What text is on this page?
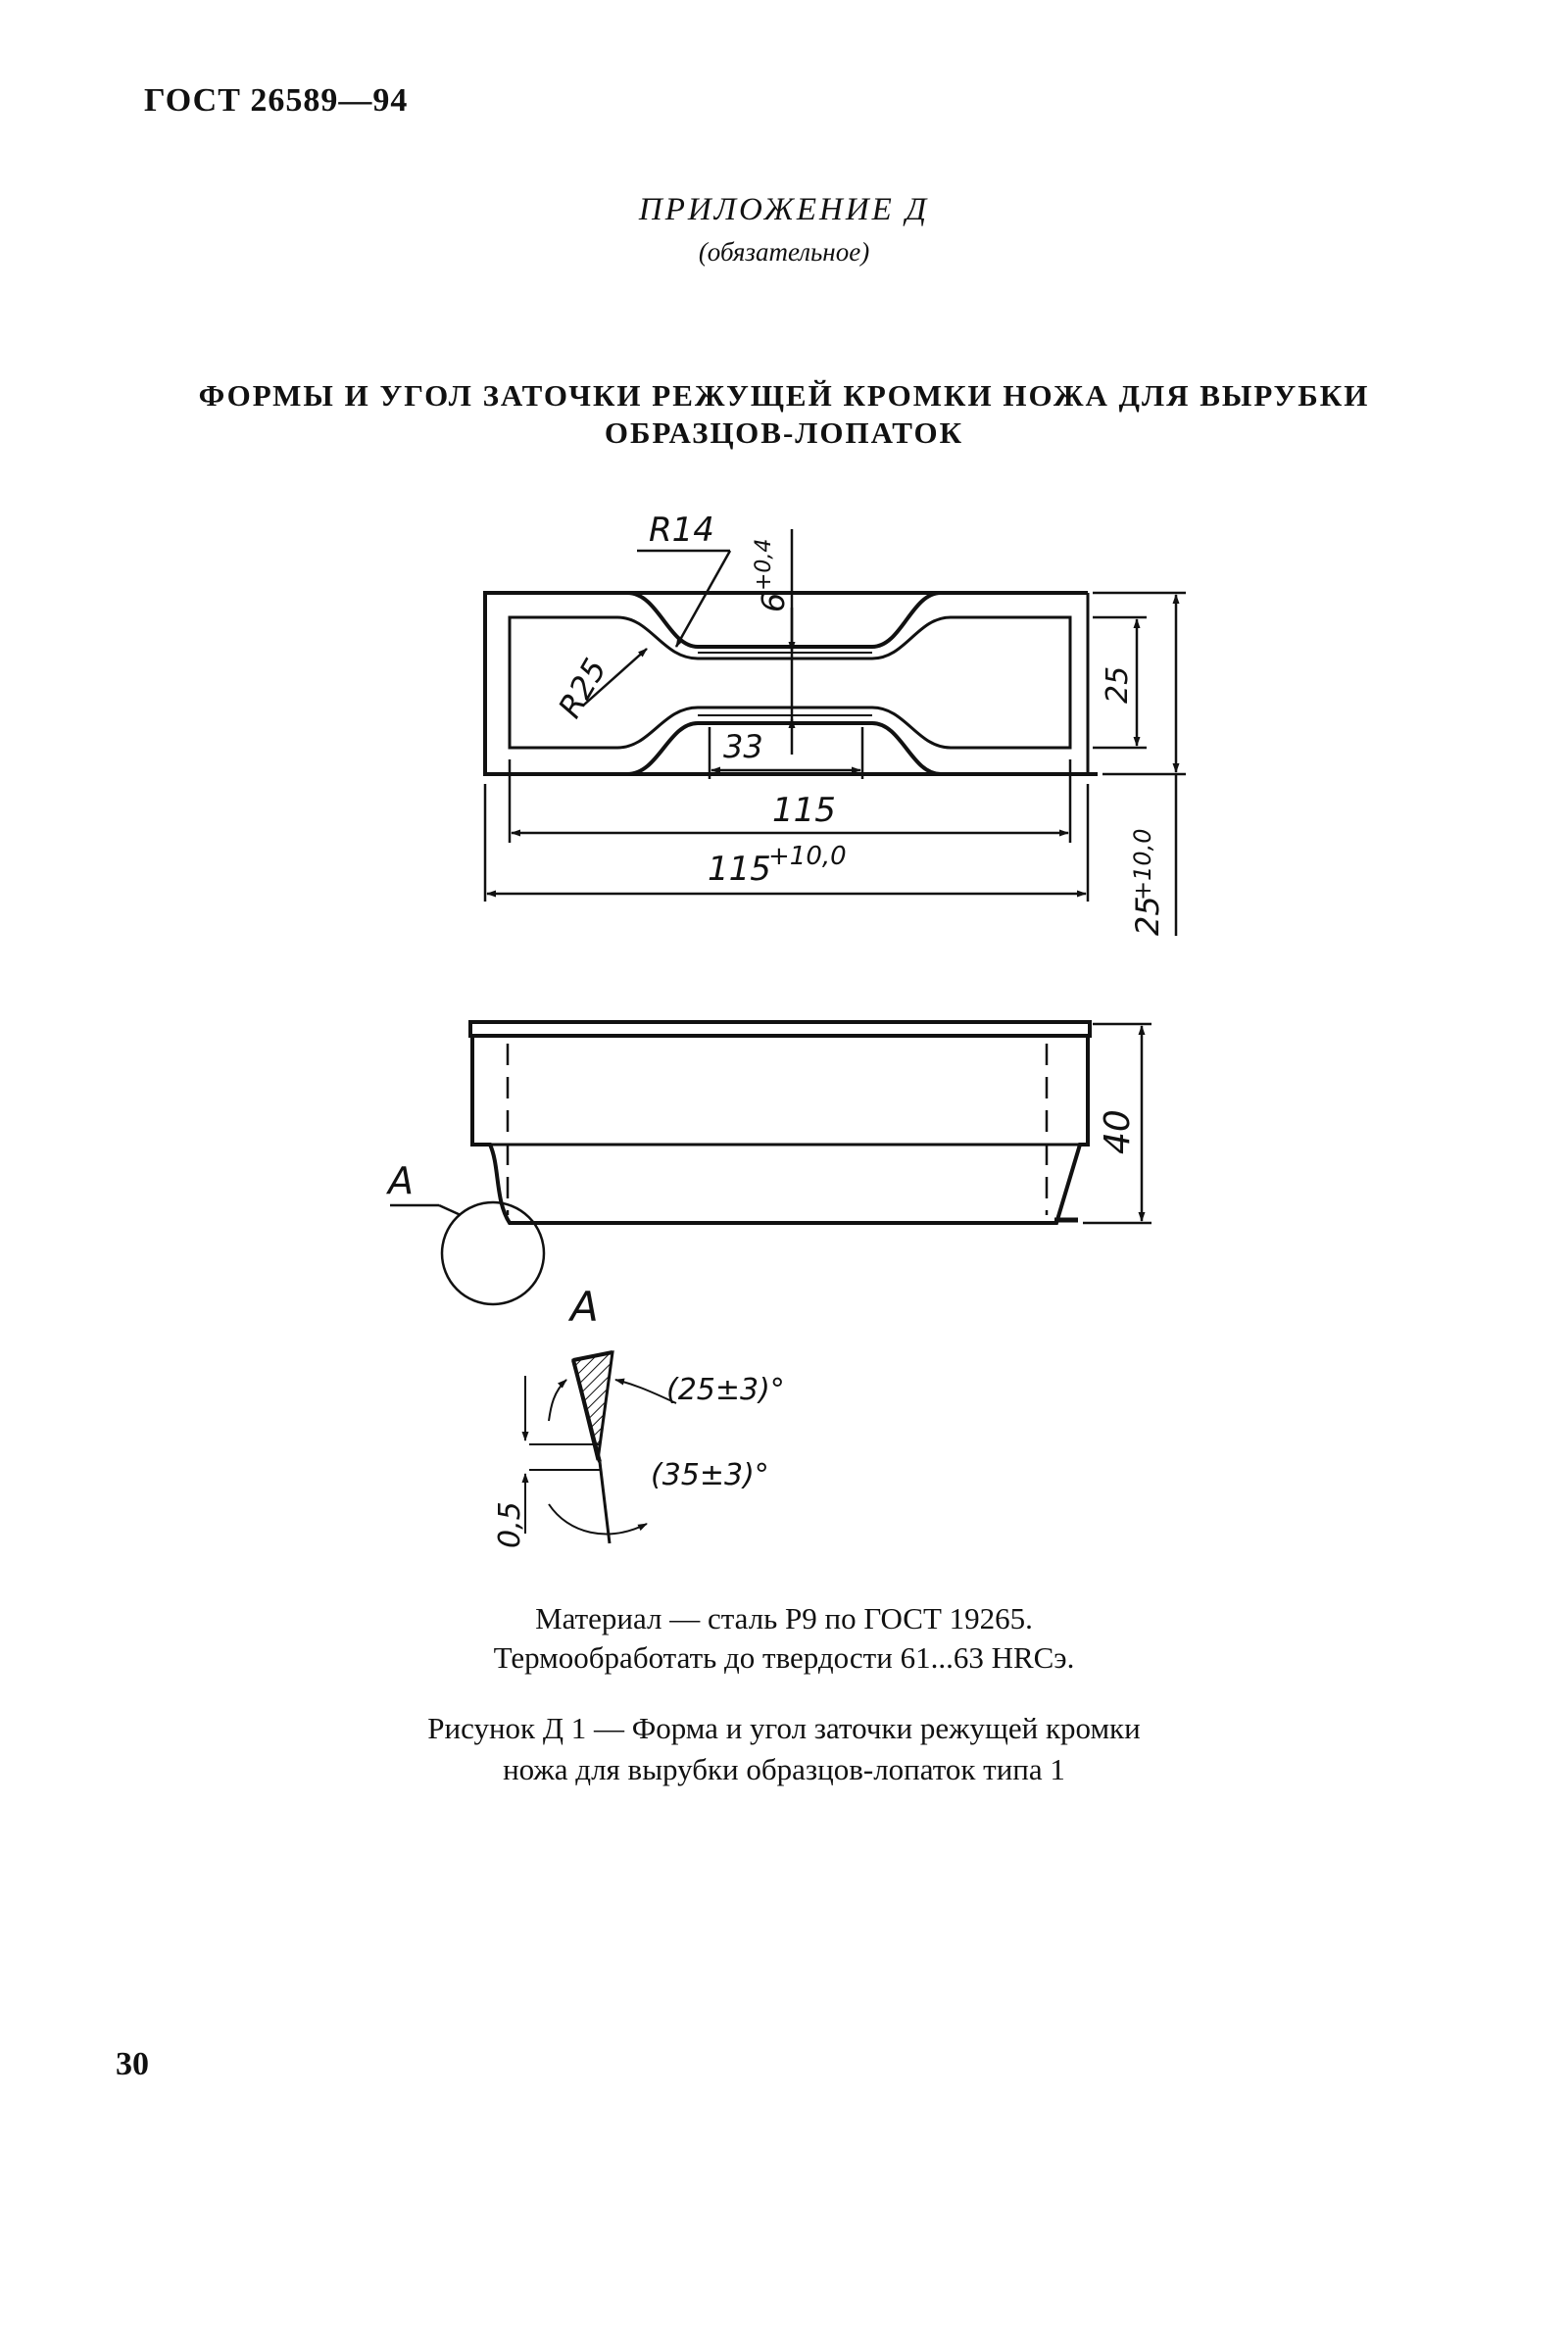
ГОСТ 26589—94
ПРИЛОЖЕНИЕ Д
(обязательное)
ФОРМЫ И УГОЛ ЗАТОЧКИ РЕЖУЩЕЙ КРОМКИ НОЖА ДЛЯ ВЫРУБКИ
ОБРАЗЦОВ-ЛОПАТОК
R14
R25
6
+0,4
33
115
115
+10,0
25
25
+10,0
40
А
А
(25±3)°
(35±3)°
0,5
Материал — сталь Р9 по ГОСТ 19265.
Термообработать до твердости 61...63 HRCэ.
Рисунок Д 1 — Форма и угол заточки режущей кромки
ножа для вырубки образцов-лопаток типа 1
30
